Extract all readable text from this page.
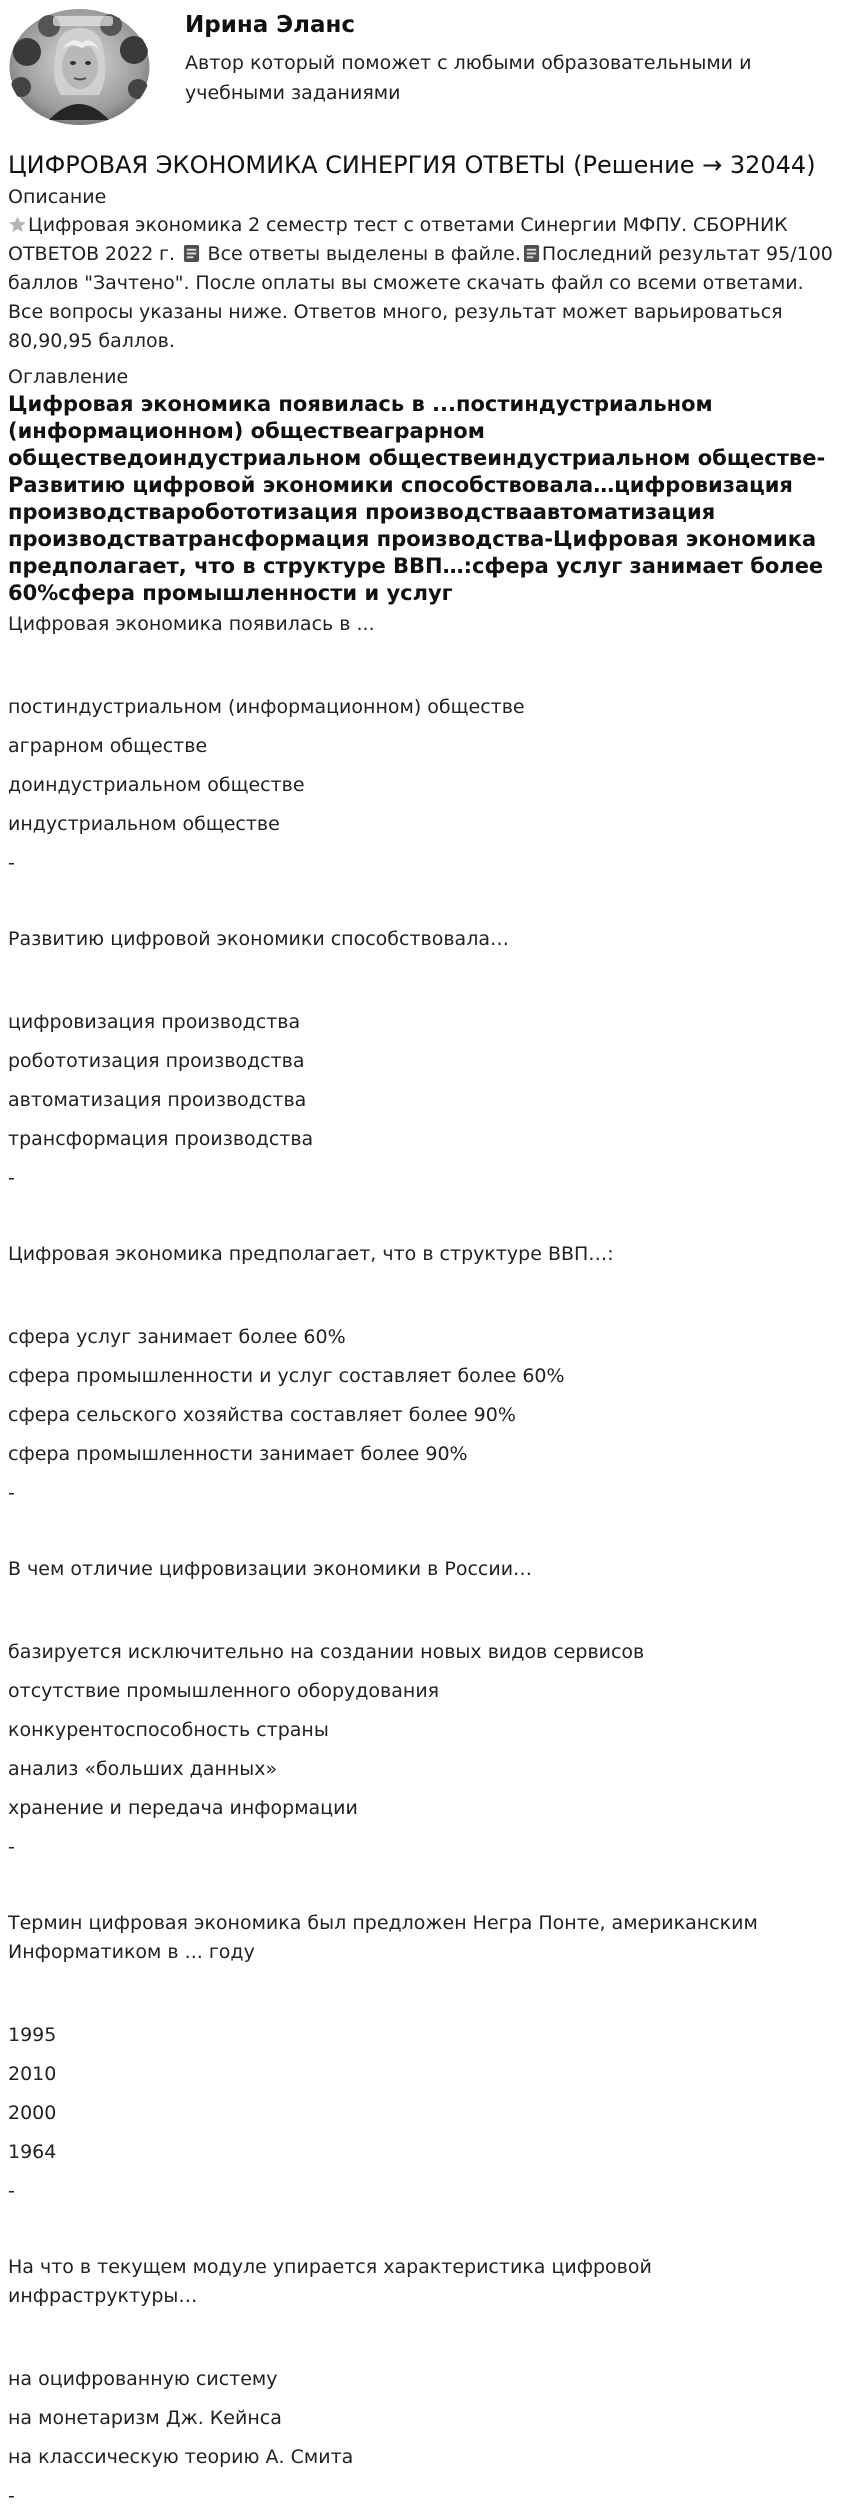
Ирина Эланс
Автор который поможет с любыми образовательными и учебными заданиями
ЦИФРОВАЯ ЭКОНОМИКА СИНЕРГИЯ ОТВЕТЫ (Решение → 32044)
Описание

Цифровая экономика 2 семестр тест с ответами Синергии МФПУ. СБОРНИК ОТВЕТОВ 2022 г.  Все ответы выделены в файле. Последний результат 95/100 баллов "Зачтено". После оплаты вы сможете скачать файл со всеми ответами. Все вопросы указаны ниже. Ответов много, результат может варьироваться 80,90,95 баллов.

Оглавление
Цифровая экономика появилась в ...постиндустриальном (информационном) обществеаграрном обществедоиндустриальном обществеиндустриальном обществе-Развитию цифровой экономики способствовала…цифровизация производстваробототизация производстваавтоматизация производстватрансформация производства-Цифровая экономика предполагает, что в структуре ВВП…:сфера услуг занимает более 60%сфера промышленности и услуг

Цифровая экономика появилась в ...

постиндустриальном (информационном) обществе
аграрном обществе
доиндустриальном обществе
индустриальном обществе
-

Развитию цифровой экономики способствовала…

цифровизация производства
робототизация производства
автоматизация производства
трансформация производства
-

Цифровая экономика предполагает, что в структуре ВВП…:

сфера услуг занимает более 60%
сфера промышленности и услуг составляет более 60%
сфера сельского хозяйства составляет более 90%
сфера промышленности занимает более 90%
-

В чем отличие цифровизации экономики в России…

базируется исключительно на создании новых видов сервисов
отсутствие промышленного оборудования
конкурентоспособность страны
анализ «больших данных»
хранение и передача информации
-

Термин цифровая экономика был предложен Негра Понте, американским Информатиком в ... году

1995
2010
2000
1964
-

На что в текущем модуле упирается характеристика цифровой инфраструктуры…

на оцифрованную систему
на монетаризм Дж. Кейнса
на классическую теорию А. Смита
-
